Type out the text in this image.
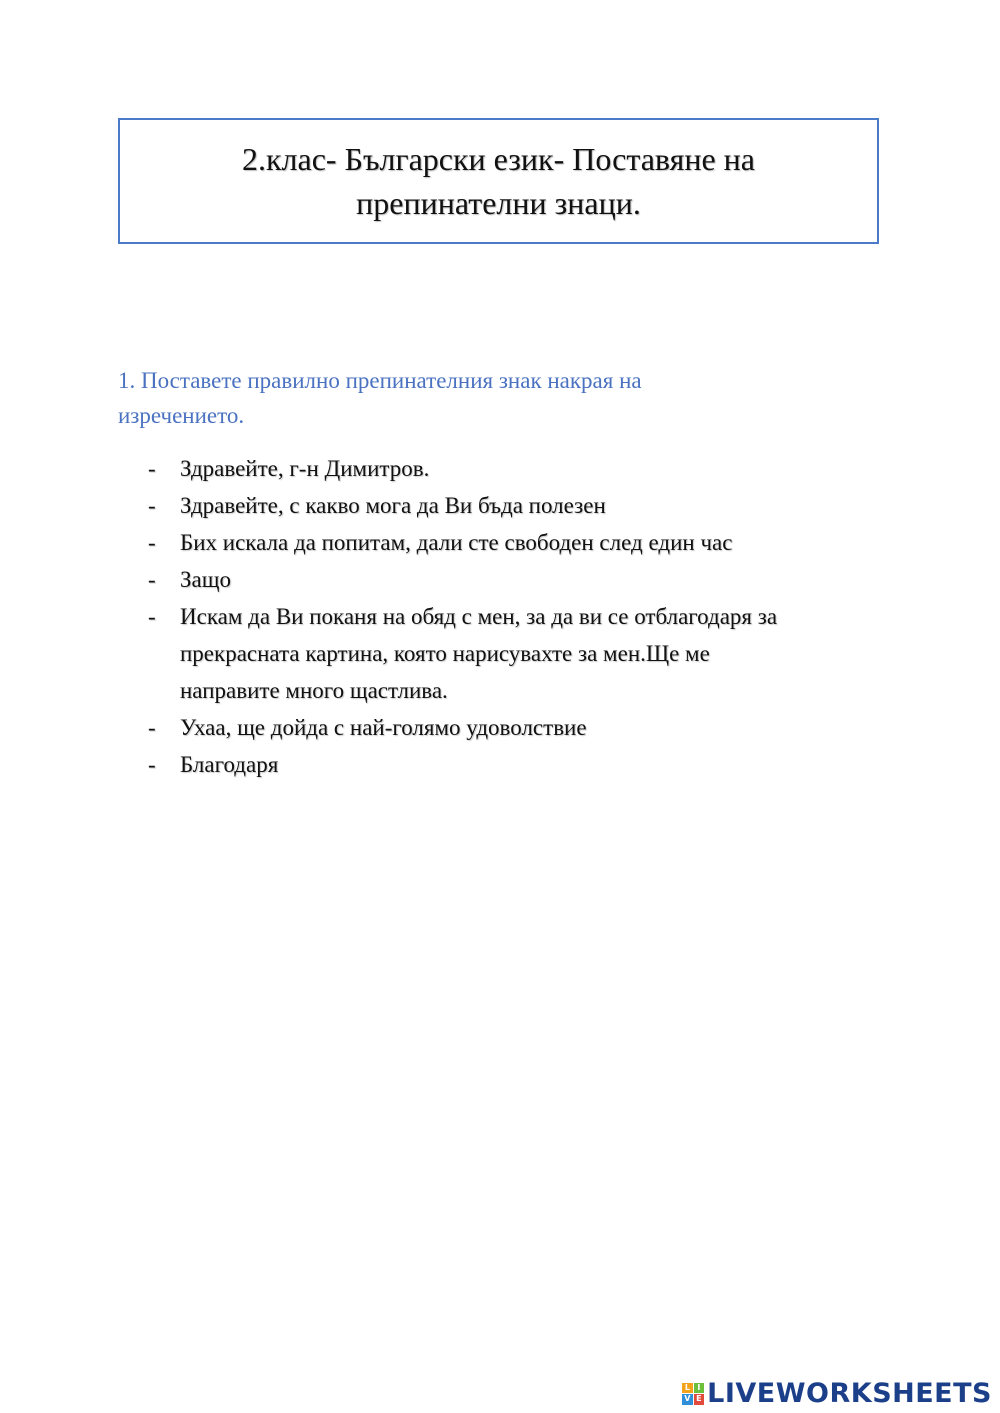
2.клас- Български език- Поставяне на
препинателни знаци.
1. Поставете правилно препинателния знак накрая на
изречението.
-	Здравейте, г-н Димитров.
-	Здравейте, с какво мога да Ви бъда полезен
-	Бих искала да попитам, дали сте свободен след един час
-	Защо
-	Искам да Ви поканя на обяд с мен, за да ви се отблагодаря за
прекрасната картина, която нарисувахте за мен.Ще ме
направите много щастлива.
-	Ухаа, ще дойда с най-голямо удоволствие
-	Благодаря
L I
V E LIVEWORKSHEETS
